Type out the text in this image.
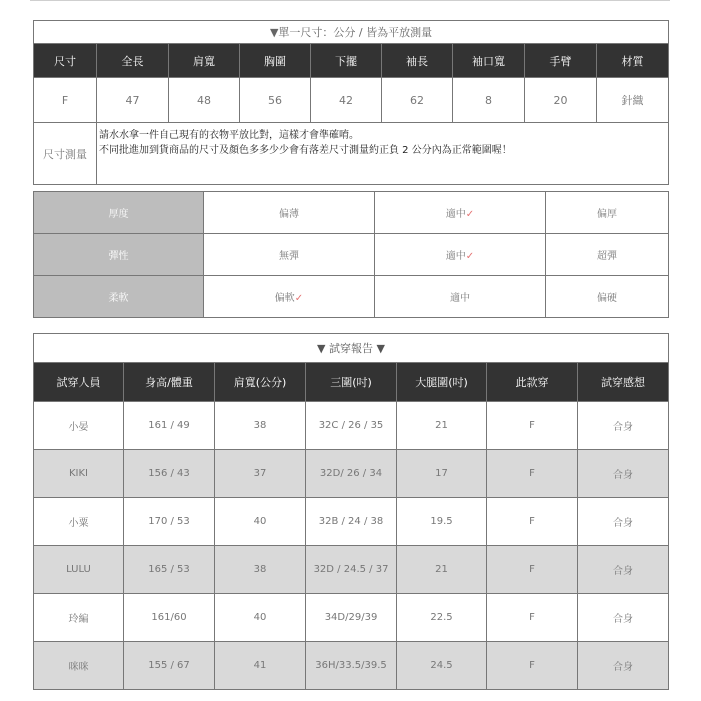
▼單一尺寸：公分 / 皆為平放測量								
尺寸	全長	肩寬	胸圍	下擺	袖長	袖口寬	手臂	材質
F	47	48	56	42	62	8	20	針織
尺寸測量	請水水拿一件自己現有的衣物平放比對，這樣才會準確唷。
不同批進加到貨商品的尺寸及顏色多多少少會有落差尺寸測量約正負 2 公分內為正常範圍喔！							
厚度	偏薄	適中✓	偏厚
彈性	無彈	適中✓	超彈
柔軟	偏軟✓	適中	偏硬
▼ 試穿報告 ▼						
試穿人員	身高/體重	肩寬(公分)	三圍(吋)	大腿圍(吋)	此款穿	試穿感想
小晏	161 / 49	38	32C / 26 / 35	21	F	合身
KIKI	156 / 43	37	32D/ 26 / 34	17	F	合身
小粟	170 / 53	40	32B / 24 / 38	19.5	F	合身
LULU	165 / 53	38	32D / 24.5 / 37	21	F	合身
玲編	161/60	40	34D/29/39	22.5	F	合身
咪咪	155 / 67	41	36H/33.5/39.5	24.5	F	合身
